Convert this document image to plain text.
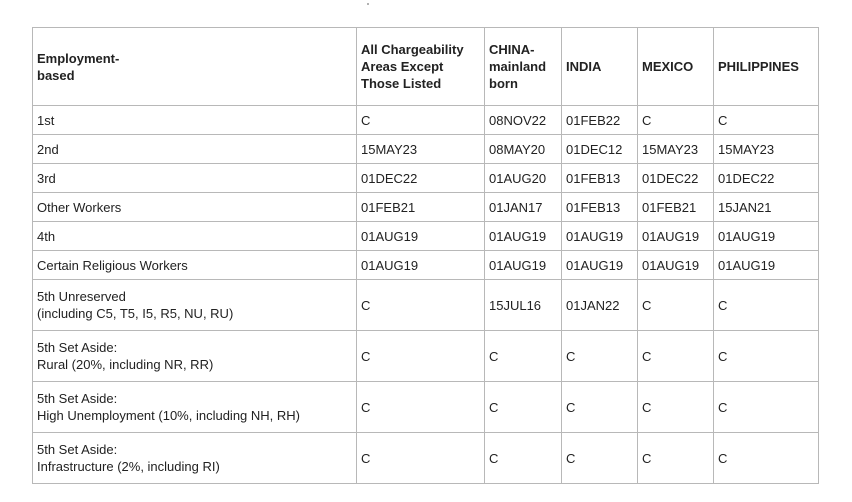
Employment-
based	All Chargeability
Areas Except
Those Listed	CHINA-
mainland
born	INDIA	MEXICO	PHILIPPINES
1st	C	08NOV22	01FEB22	C	C
2nd	15MAY23	08MAY20	01DEC12	15MAY23	15MAY23
3rd	01DEC22	01AUG20	01FEB13	01DEC22	01DEC22
Other Workers	01FEB21	01JAN17	01FEB13	01FEB21	15JAN21
4th	01AUG19	01AUG19	01AUG19	01AUG19	01AUG19
Certain Religious Workers	01AUG19	01AUG19	01AUG19	01AUG19	01AUG19
5th Unreserved
(including C5, T5, I5, R5, NU, RU)	C	15JUL16	01JAN22	C	C
5th Set Aside:
Rural (20%, including NR, RR)	C	C	C	C	C
5th Set Aside:
High Unemployment (10%, including NH, RH)	C	C	C	C	C
5th Set Aside:
Infrastructure (2%, including RI)	C	C	C	C	C
